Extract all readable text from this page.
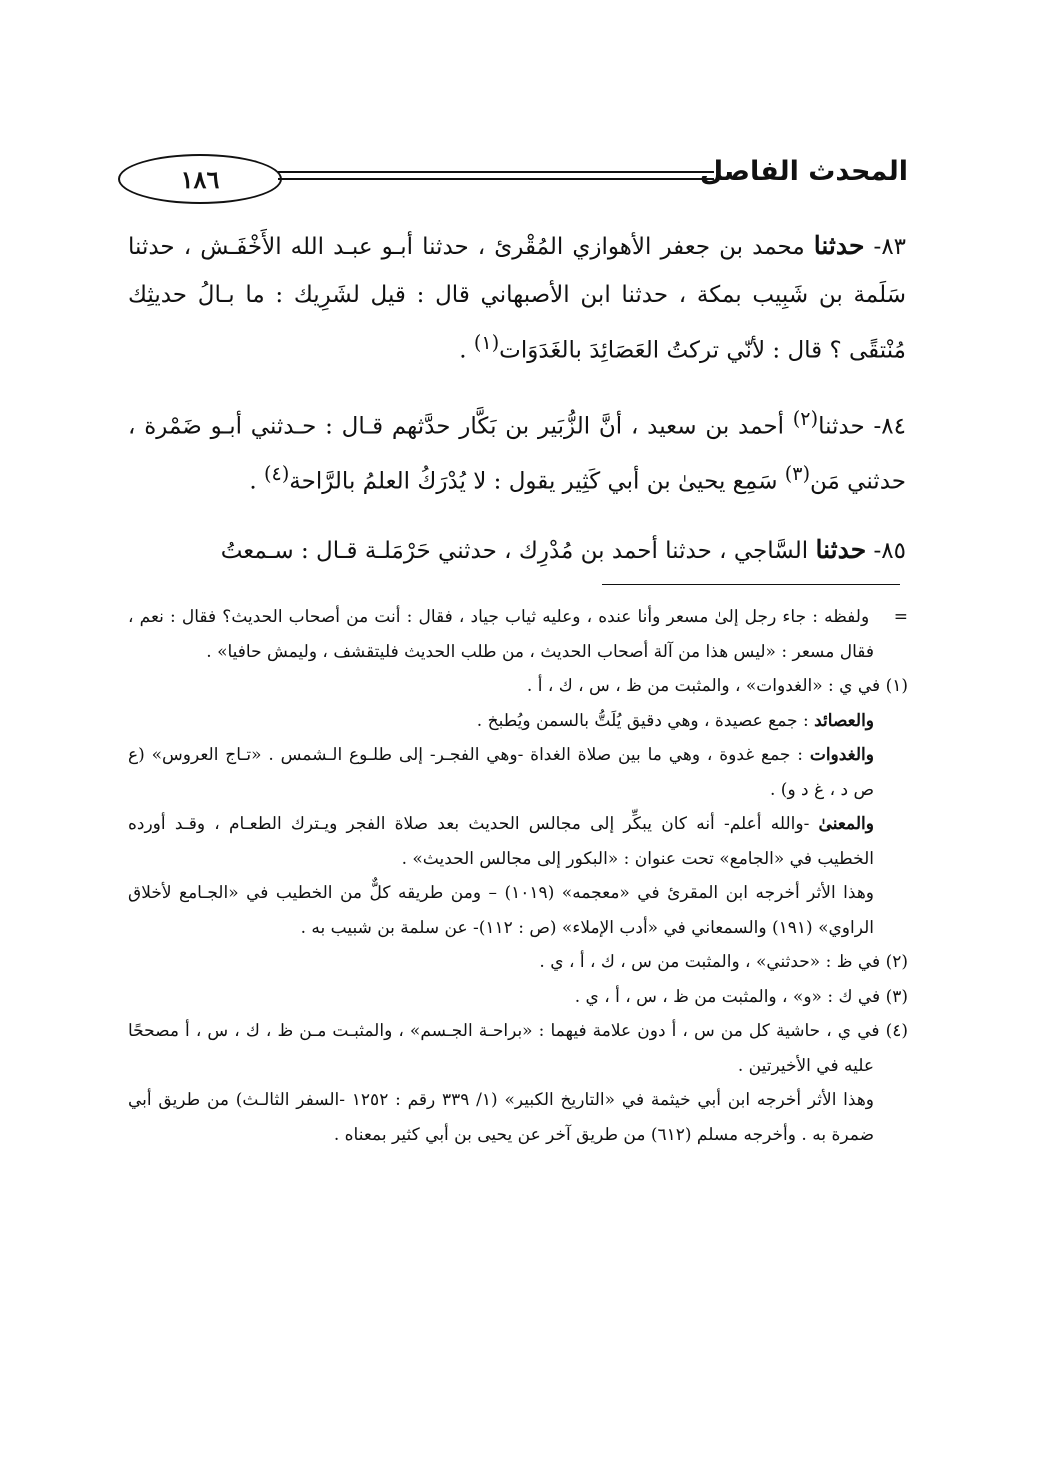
١٨٦	المحدث الفاصل

٨٣- حدثنا محمد بن جعفر الأهوازي المُقْرئ ، حدثنا أبـو عبـد الله الأَخْفَـش ، حدثنا سَلَمة بن شَبِيب بمكة ، حدثنا ابن الأصبهاني قال : قيل لشَرِيك : ما بـالُ حديثِك مُنْتقًى ؟ قال : لأنّي تركتُ العَصَائِدَ بالغَدَوَات$^{(١)}$ .

٨٤- حدثنا$^{(٢)}$ أحمد بن سعيد ، أنَّ الزُّبَير بن بَكَّار حدَّثهم قـال : حـدثني أبـو ضَمْرة ، حدثني مَن$^{(٣)}$ سَمِع يحيىٰ بن أبي كَثِير يقول : لا يُدْرَكُ العلمُ بالرَّاحة$^{(٤)}$ .

٨٥- حدثنا السَّاجي ، حدثنا أحمد بن مُدْرِك ، حدثني حَرْمَلـة قـال : سـمعتُ

=    ولفظه : جاء رجل إلىٰ مسعر وأنا عنده ، وعليه ثياب جياد ، فقال : أنت من أصحاب الحديث؟ فقال : نعم ، فقال مسعر : «ليس هذا من آلة أصحاب الحديث ، من طلب الحديث فليتقشف ، وليمش حافيا» .

(١) في ي : «الغدوات» ، والمثبت من ظ ، س ، ك ، أ .

والعصائد : جمع عصيدة ، وهي دقيق يُلَتُّ بالسمن ويُطبخ .

والغدوات : جمع غدوة ، وهي ما بين صلاة الغداة -وهي الفجـر- إلى طلـوع الـشمس . «تـاج العروس» (ع ص د ، غ د و) .

والمعنىٰ -والله أعلم- أنه كان يبكِّر إلى مجالس الحديث بعد صلاة الفجر ويـترك الطعـام ، وقـد أورده الخطيب في «الجامع» تحت عنوان : «البكور إلى مجالس الحديث» .

وهذا الأثر أخرجه ابن المقرئ في «معجمه» (١٠١٩) – ومن طريقه كلٌّ من الخطيب في «الجـامع لأخلاق الراوي» (١٩١) والسمعاني في «أدب الإملاء» (ص : ١١٢)- عن سلمة بن شبيب به .

(٢) في ظ : «حدثني» ، والمثبت من س ، ك ، أ ، ي .

(٣) في ك : «و» ، والمثبت من ظ ، س ، أ ، ي .

(٤) في ي ، حاشية كل من س ، أ دون علامة فيهما : «براحـة الجـسم» ، والمثبـت مـن ظ ، ك ، س ، أ مصححًا عليه في الأخيرتين .

وهذا الأثر أخرجه ابن أبي خيثمة في «التاريخ الكبير» (١/ ٣٣٩ رقم : ١٢٥٢ -السفر الثالـث) من طريق أبي ضمرة به . وأخرجه مسلم (٦١٢) من طريق آخر عن يحيى بن أبي كثير بمعناه .
